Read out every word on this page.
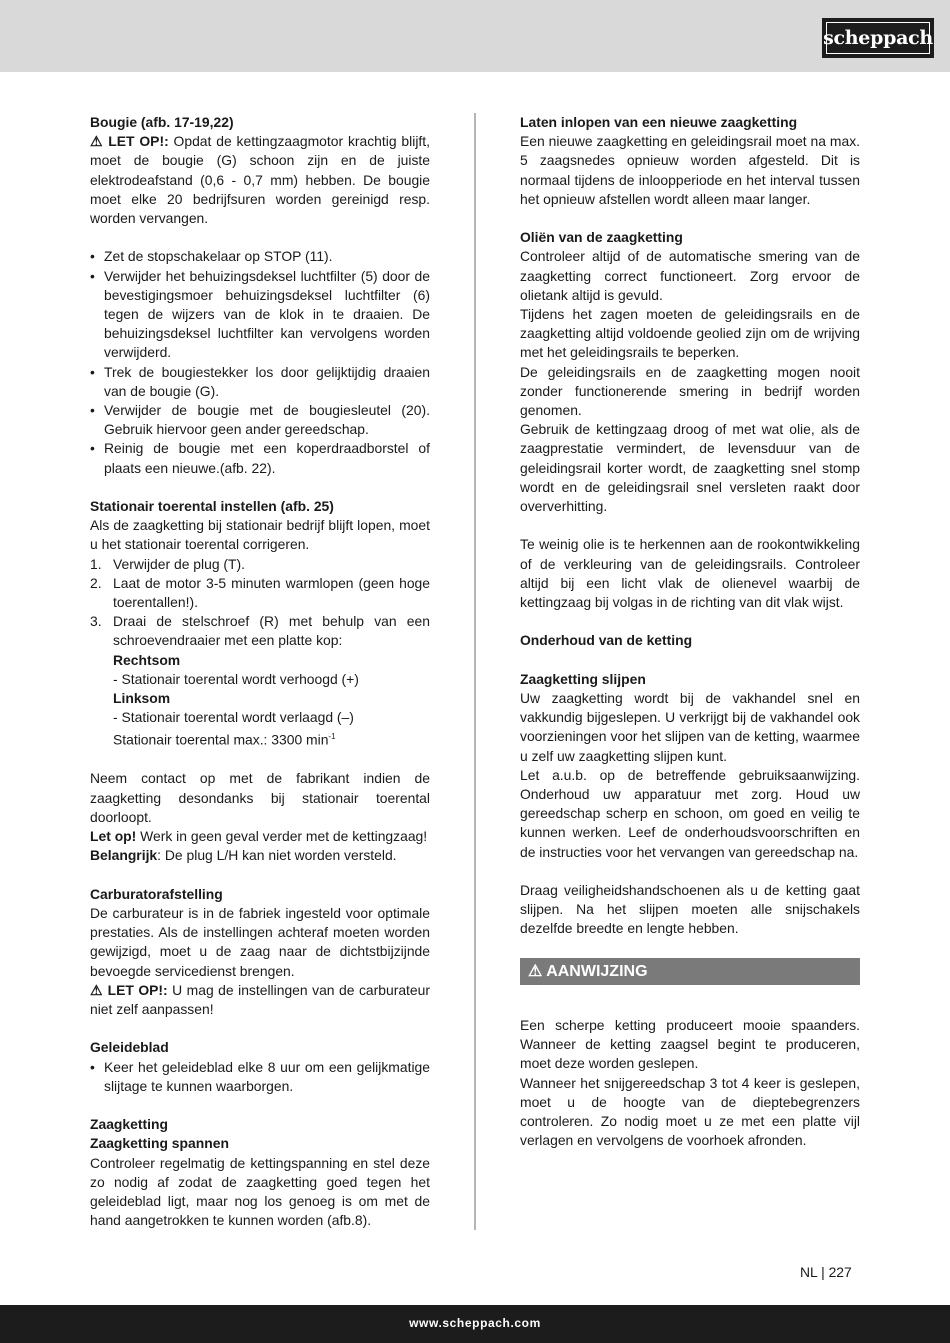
scheppach

Bougie (afb. 17-19,22)

⚠ LET OP!: Opdat de kettingzaagmotor krachtig blijft, moet de bougie (G) schoon zijn en de juiste elektrodeafstand (0,6 - 0,7 mm) hebben. De bougie moet elke 20 bedrijfsuren worden gereinigd resp. worden vervangen.

• Zet de stopschakelaar op STOP (11).
• Verwijder het behuizingsdeksel luchtfilter (5) door de bevestigingsmoer behuizingsdeksel luchtfilter (6) tegen de wijzers van de klok in te draaien. De behuizingsdeksel luchtfilter kan vervolgens worden verwijderd.
• Trek de bougiestekker los door gelijktijdig draaien van de bougie (G).
• Verwijder de bougie met de bougiesleutel (20). Gebruik hiervoor geen ander gereedschap.
• Reinig de bougie met een koperdraadborstel of plaats een nieuwe.(afb. 22).

Stationair toerental instellen (afb. 25)

Als de zaagketting bij stationair bedrijf blijft lopen, moet u het stationair toerental corrigeren.

1. Verwijder de plug (T).
2. Laat de motor 3-5 minuten warmlopen (geen hoge toerentallen!).
3. Draai de stelschroef (R) met behulp van een schroevendraaier met een platte kop:

Rechtsom

- Stationair toerental wordt verhoogd (+)

Linksom

- Stationair toerental wordt verlaagd (–)

Stationair toerental max.: 3300 $\min^{-1}$

Neem contact op met de fabrikant indien de zaagketting desondanks bij stationair toerental doorloopt.

Let op! Werk in geen geval verder met de kettingzaag!

Belangrijk: De plug L/H kan niet worden versteld.

Carburatorafstelling

De carburateur is in de fabriek ingesteld voor optimale prestaties. Als de instellingen achteraf moeten worden gewijzigd, moet u de zaag naar de dichtstbijzijnde bevoegde servicedienst brengen.

⚠ LET OP!: U mag de instellingen van de carburateur niet zelf aanpassen!

Geleideblad

• Keer het geleideblad elke 8 uur om een gelijkmatige slijtage te kunnen waarborgen.

Zaagketting

Zaagketting spannen

Controleer regelmatig de kettingspanning en stel deze zo nodig af zodat de zaagketting goed tegen het geleideblad ligt, maar nog los genoeg is om met de hand aangetrokken te kunnen worden (afb.8).

Laten inlopen van een nieuwe zaagketting

Een nieuwe zaagketting en geleidingsrail moet na max. 5 zaagsnedes opnieuw worden afgesteld. Dit is normaal tijdens de inloopperiode en het interval tussen het opnieuw afstellen wordt alleen maar langer.

Oliën van de zaagketting

Controleer altijd of de automatische smering van de zaagketting correct functioneert. Zorg ervoor de olietank altijd is gevuld.

Tijdens het zagen moeten de geleidingsrails en de zaagketting altijd voldoende geolied zijn om de wrijving met het geleidingsrails te beperken.

De geleidingsrails en de zaagketting mogen nooit zonder functionerende smering in bedrijf worden genomen.

Gebruik de kettingzaag droog of met wat olie, als de zaagprestatie vermindert, de levensduur van de geleidingsrail korter wordt, de zaagketting snel stomp wordt en de geleidingsrail snel versleten raakt door oververhitting.

Te weinig olie is te herkennen aan de rookontwikkeling of de verkleuring van de geleidingsrails. Controleer altijd bij een licht vlak de olienevel waarbij de kettingzaag bij volgas in de richting van dit vlak wijst.

Onderhoud van de ketting

Zaagketting slijpen

Uw zaagketting wordt bij de vakhandel snel en vakkundig bijgeslepen. U verkrijgt bij de vakhandel ook voorzieningen voor het slijpen van de ketting, waarmee u zelf uw zaagketting slijpen kunt.

Let a.u.b. op de betreffende gebruiksaanwijzing. Onderhoud uw apparatuur met zorg. Houd uw gereedschap scherp en schoon, om goed en veilig te kunnen werken. Leef de onderhoudsvoorschriften en de instructies voor het vervangen van gereedschap na.

Draag veiligheidshandschoenen als u de ketting gaat slijpen. Na het slijpen moeten alle snijschakels dezelfde breedte en lengte hebben.

⚠ AANWIJZING

Een scherpe ketting produceert mooie spaanders. Wanneer de ketting zaagsel begint te produceren, moet deze worden geslepen.

Wanneer het snijgereedschap 3 tot 4 keer is geslepen, moet u de hoogte van de dieptebegrenzers controleren. Zo nodig moet u ze met een platte vijl verlagen en vervolgens de voorhoek afronden.

NL | 227
www.scheppach.com
